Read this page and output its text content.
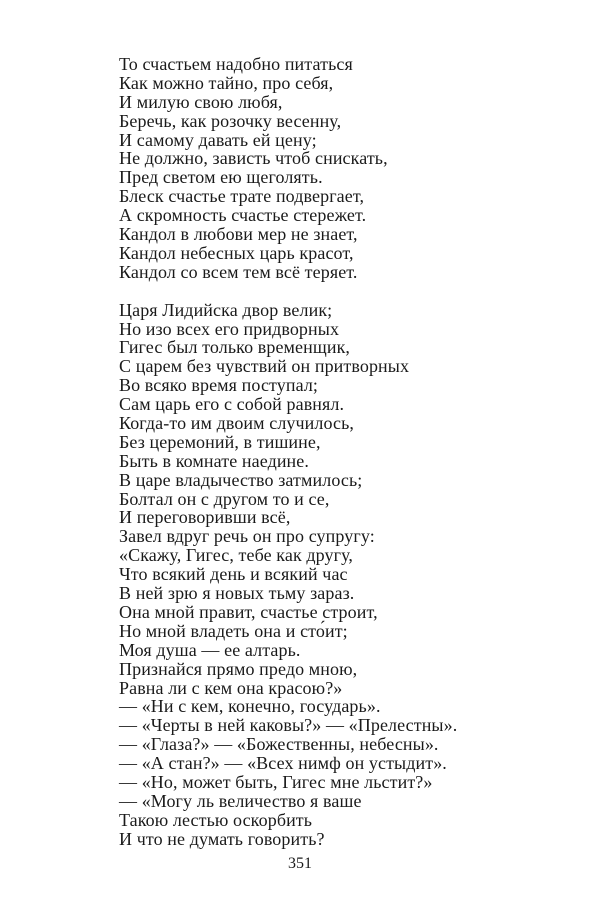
То счастьем надобно питаться
Как можно тайно, про себя,
И милую свою любя,
Беречь, как розочку весенну,
И самому давать ей цену;
Не должно, зависть чтоб снискать,
Пред светом ею щеголять.
Блеск счастье трате подвергает,
А скромность счастье стережет.
Кандол в любови мер не знает,
Кандол небесных царь красот,
Кандол со всем тем всё теряет.
Царя Лидийска двор велик;
Но изо всех его придворных
Гигес был только временщик,
С царем без чувствий он притворных
Во всяко время поступал;
Сам царь его с собой равнял.
Когда-то им двоим случилось,
Без церемоний, в тишине,
Быть в комнате наедине.
В царе владычество затмилось;
Болтал он с другом то и се,
И переговоривши всё,
Завел вдруг речь он про супругу:
«Скажу, Гигес, тебе как другу,
Что всякий день и всякий час
В ней зрю я новых тьму зараз.
Она мной правит, счастье строит,
Но мной владеть она и сто́ит;
Моя душа — ее алтарь.
Признайся прямо предо мною,
Равна ли с кем она красою?»
— «Ни с кем, конечно, государь».
— «Черты в ней каковы?» — «Прелестны».
— «Глаза?» — «Божественны, небесны».
— «А стан?» — «Всех нимф он устыдит».
— «Но, может быть, Гигес мне льстит?»
— «Могу ль величество я ваше
Такою лестью оскорбить
И что не думать говорить?
351
